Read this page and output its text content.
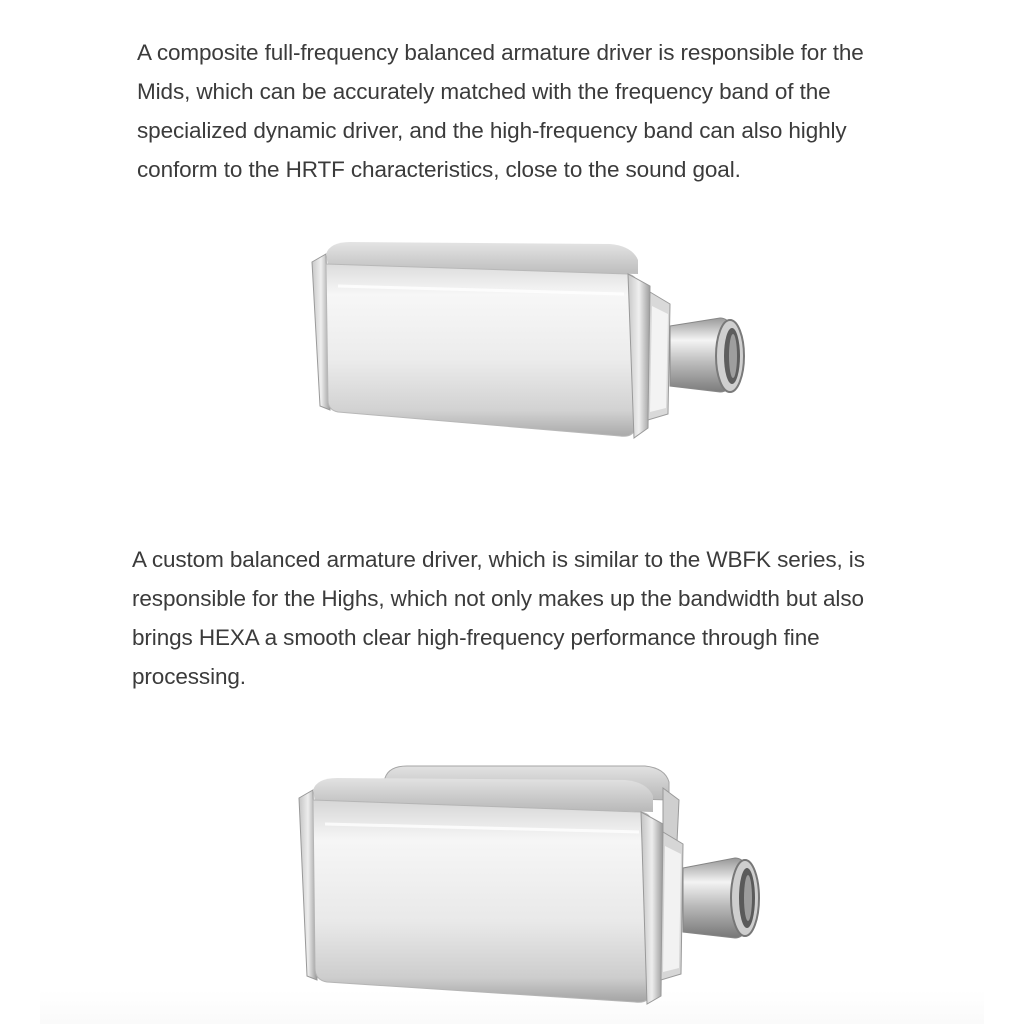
A composite full-frequency balanced armature driver is responsible for the
Mids, which can be accurately matched with the frequency band of the
specialized dynamic driver, and the high-frequency band can also highly
conform to the HRTF characteristics, close to the sound goal.
A custom balanced armature driver, which is similar to the WBFK series, is
responsible for the Highs, which not only makes up the bandwidth but also
brings HEXA a smooth clear high-frequency performance through fine
processing.
